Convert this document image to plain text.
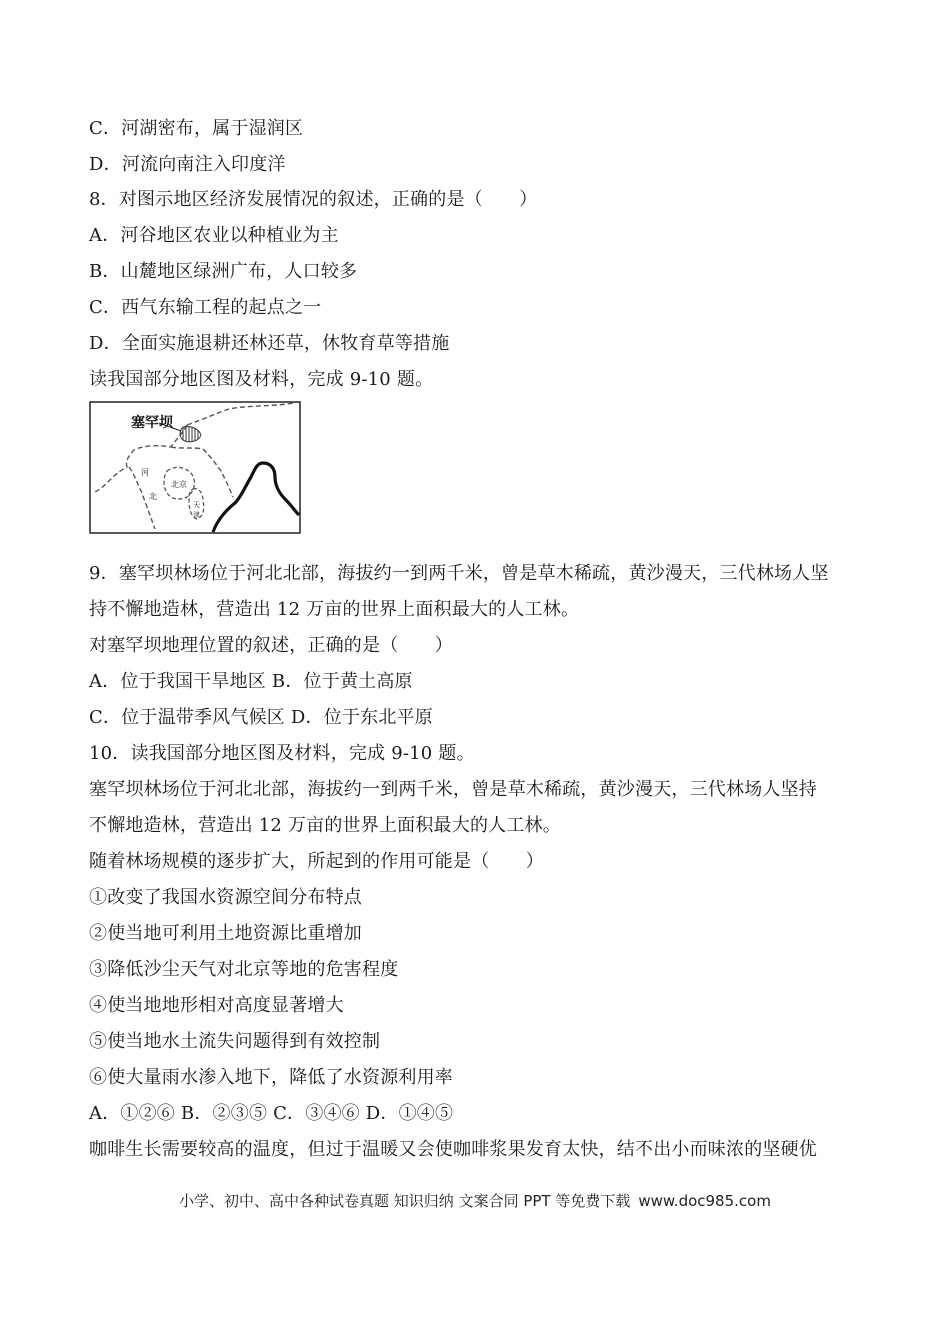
C．河湖密布，属于湿润区
D．河流向南注入印度洋
8．对图示地区经济发展情况的叙述，正确的是（　　）
A．河谷地区农业以种植业为主
B．山麓地区绿洲广布，人口较多
C．西气东输工程的起点之一
D．全面实施退耕还林还草，休牧育草等措施
读我国部分地区图及材料，完成 9-10 题。
塞罕坝
河
北
北京
天
津
9．塞罕坝林场位于河北北部，海拔约一到两千米，曾是草木稀疏，黄沙漫天，三代林场人坚
持不懈地造林，营造出 12 万亩的世界上面积最大的人工林。
对塞罕坝地理位置的叙述，正确的是（　　）
A．位于我国干旱地区 B．位于黄土高原
C．位于温带季风气候区 D．位于东北平原
10．读我国部分地区图及材料，完成 9-10 题。
塞罕坝林场位于河北北部，海拔约一到两千米，曾是草木稀疏，黄沙漫天，三代林场人坚持
不懈地造林，营造出 12 万亩的世界上面积最大的人工林。
随着林场规模的逐步扩大，所起到的作用可能是（　　）
①改变了我国水资源空间分布特点
②使当地可利用土地资源比重增加
③降低沙尘天气对北京等地的危害程度
④使当地地形相对高度显著增大
⑤使当地水土流失问题得到有效控制
⑥使大量雨水渗入地下，降低了水资源利用率
A．①②⑥ B．②③⑤ C．③④⑥ D．①④⑤
咖啡生长需要较高的温度，但过于温暖又会使咖啡浆果发育太快，结不出小而味浓的坚硬优
小学、初中、高中各种试卷真题 知识归纳 文案合同 PPT 等免费下载 www.doc985.com
